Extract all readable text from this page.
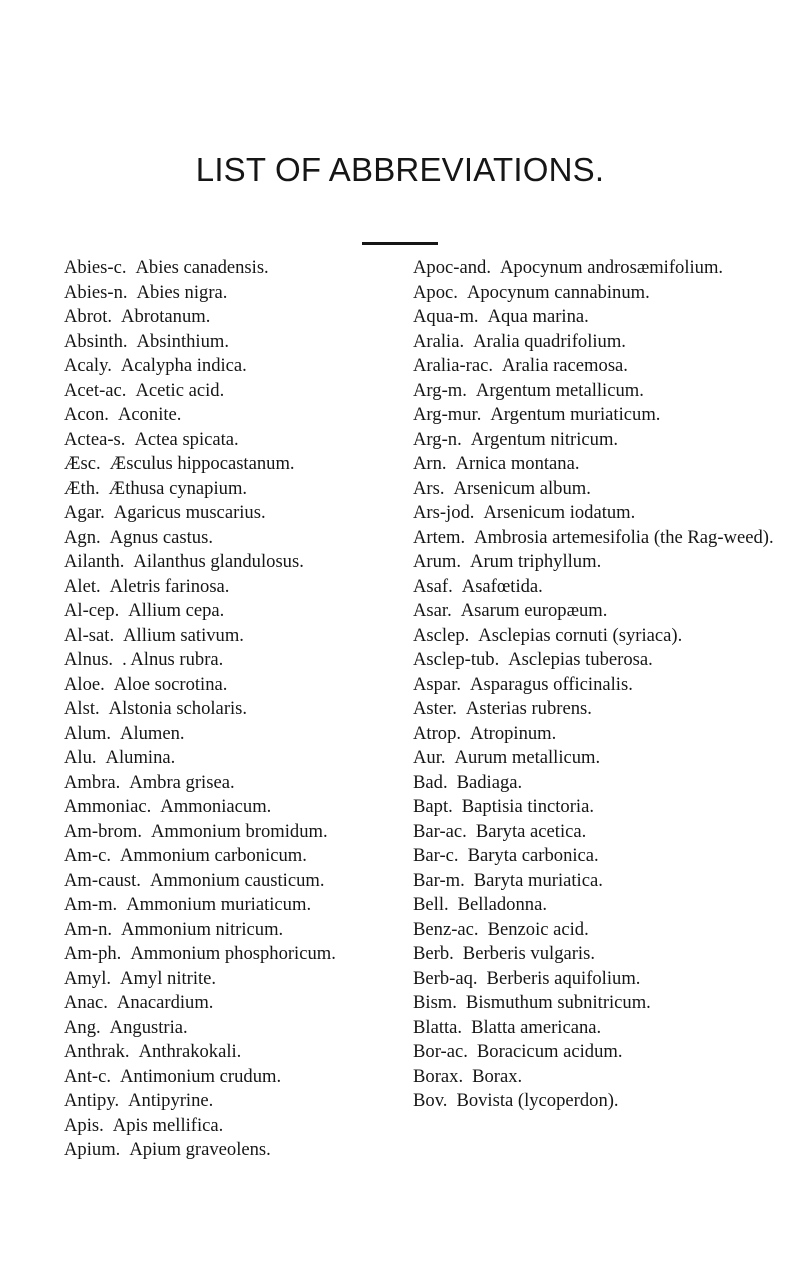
LIST OF ABBREVIATIONS.
Abies-c. Abies canadensis.
Abies-n. Abies nigra.
Abrot. Abrotanum.
Absinth. Absinthium.
Acaly. Acalypha indica.
Acet-ac. Acetic acid.
Acon. Aconite.
Actea-s. Actea spicata.
Æsc. Æsculus hippocastanum.
Æth. Æthusa cynapium.
Agar. Agaricus muscarius.
Agn. Agnus castus.
Ailanth. Ailanthus glandulosus.
Alet. Aletris farinosa.
Al-cep. Allium cepa.
Al-sat. Allium sativum.
Alnus. . Alnus rubra.
Aloe. Aloe socrotina.
Alst. Alstonia scholaris.
Alum. Alumen.
Alu. Alumina.
Ambra. Ambra grisea.
Ammoniac. Ammoniacum.
Am-brom. Ammonium bromidum.
Am-c. Ammonium carbonicum.
Am-caust. Ammonium causticum.
Am-m. Ammonium muriaticum.
Am-n. Ammonium nitricum.
Am-ph. Ammonium phosphoricum.
Amyl. Amyl nitrite.
Anac. Anacardium.
Ang. Angustria.
Anthrak. Anthrakokali.
Ant-c. Antimonium crudum.
Antipy. Antipyrine.
Apis. Apis mellifica.
Apium. Apium graveolens.
Apoc-and. Apocynum androsæmifolium.
Apoc. Apocynum cannabinum.
Aqua-m. Aqua marina.
Aralia. Aralia quadrifolium.
Aralia-rac. Aralia racemosa.
Arg-m. Argentum metallicum.
Arg-mur. Argentum muriaticum.
Arg-n. Argentum nitricum.
Arn. Arnica montana.
Ars. Arsenicum album.
Ars-jod. Arsenicum iodatum.
Artem. Ambrosia artemesifolia (the Rag-weed).
Arum. Arum triphyllum.
Asaf. Asafœtida.
Asar. Asarum europæum.
Asclep. Asclepias cornuti (syriaca).
Asclep-tub. Asclepias tuberosa.
Aspar. Asparagus officinalis.
Aster. Asterias rubrens.
Atrop. Atropinum.
Aur. Aurum metallicum.
Bad. Badiaga.
Bapt. Baptisia tinctoria.
Bar-ac. Baryta acetica.
Bar-c. Baryta carbonica.
Bar-m. Baryta muriatica.
Bell. Belladonna.
Benz-ac. Benzoic acid.
Berb. Berberis vulgaris.
Berb-aq. Berberis aquifolium.
Bism. Bismuthum subnitricum.
Blatta. Blatta americana.
Bor-ac. Boracicum acidum.
Borax. Borax.
Bov. Bovista (lycoperdon).
